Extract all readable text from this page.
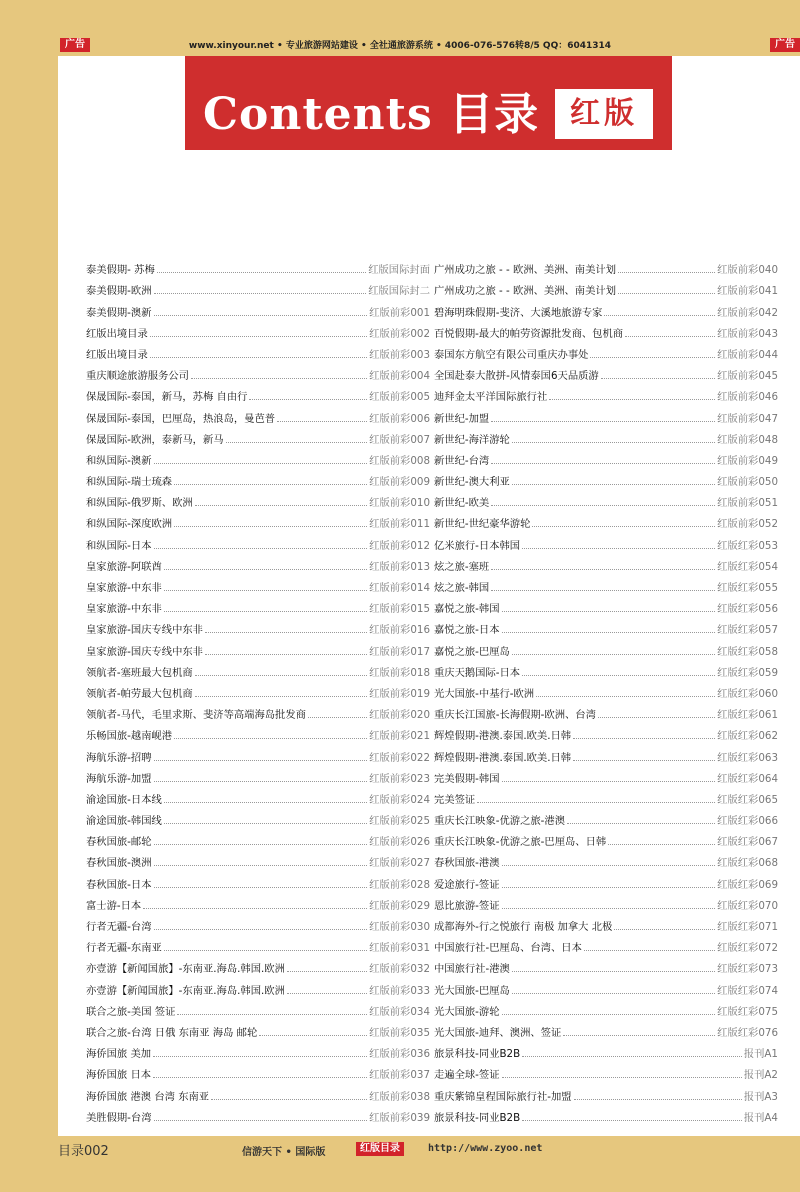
广告	www.xinyour.net • 专业旅游网站建设 • 全社通旅游系统 • 4006-076-576转8/5 QQ：6041314	广告
Contents 目录	红版
泰美假期- 苏梅	红版国际封面
泰美假期-欧洲	红版国际封二
泰美假期-澳新	红版前彩001
红版出境目录	红版前彩002
红版出境目录	红版前彩003
重庆顺途旅游服务公司	红版前彩004
保晟国际-泰国，新马，苏梅 自由行	红版前彩005
保晟国际-泰国，巴厘岛，热浪岛，曼芭普	红版前彩006
保晟国际-欧洲，泰新马，新马	红版前彩007
和纵国际-澳新	红版前彩008
和纵国际-瑞士琉森	红版前彩009
和纵国际-俄罗斯、欧洲	红版前彩010
和纵国际-深度欧洲	红版前彩011
和纵国际-日本	红版前彩012
皇家旅游-阿联酋	红版前彩013
皇家旅游-中东非	红版前彩014
皇家旅游-中东非	红版前彩015
皇家旅游-国庆专线中东非	红版前彩016
皇家旅游-国庆专线中东非	红版前彩017
领航者-塞班最大包机商	红版前彩018
领航者-帕劳最大包机商	红版前彩019
领航者-马代，毛里求斯、斐济等高端海岛批发商	红版前彩020
乐畅国旅-越南岘港	红版前彩021
海航乐游-招聘	红版前彩022
海航乐游-加盟	红版前彩023
渝途国旅-日本线	红版前彩024
渝途国旅-韩国线	红版前彩025
春秋国旅-邮轮	红版前彩026
春秋国旅-澳洲	红版前彩027
春秋国旅-日本	红版前彩028
富士游-日本	红版前彩029
行者无疆-台湾	红版前彩030
行者无疆-东南亚	红版前彩031
亦壹游【新闻国旅】-东南亚.海岛.韩国.欧洲	红版前彩032
亦壹游【新闻国旅】-东南亚.海岛.韩国.欧洲	红版前彩033
联合之旅-美国 签证	红版前彩034
联合之旅-台湾 日俄 东南亚 海岛 邮轮	红版前彩035
海侨国旅 美加	红版前彩036
海侨国旅 日本	红版前彩037
海侨国旅 港澳 台湾 东南亚	红版前彩038
美胜假期-台湾	红版前彩039
广州成功之旅 - - 欧洲、美洲、南美计划	红版前彩040
广州成功之旅 - - 欧洲、美洲、南美计划	红版前彩041
碧海明珠假期-斐济、大溪地旅游专家	红版前彩042
百悦假期-最大的帕劳资源批发商、包机商	红版前彩043
泰国东方航空有限公司重庆办事处	红版前彩044
全国赴泰大散拼-风情泰国6天品质游	红版前彩045
迪拜金太平洋国际旅行社	红版前彩046
新世纪-加盟	红版前彩047
新世纪-海洋游轮	红版前彩048
新世纪-台湾	红版前彩049
新世纪-澳大利亚	红版前彩050
新世纪-欧美	红版前彩051
新世纪-世纪豪华游轮	红版前彩052
亿米旅行-日本韩国	红版红彩053
炫之旅-塞班	红版红彩054
炫之旅-韩国	红版红彩055
嘉悦之旅-韩国	红版红彩056
嘉悦之旅-日本	红版红彩057
嘉悦之旅-巴厘岛	红版红彩058
重庆天鹅国际-日本	红版红彩059
光大国旅-中基行-欧洲	红版红彩060
重庆长江国旅-长海假期-欧洲、台湾	红版红彩061
辉煌假期-港澳.泰国.欧美.日韩	红版红彩062
辉煌假期-港澳.泰国.欧美.日韩	红版红彩063
完美假期-韩国	红版红彩064
完美签证	红版红彩065
重庆长江映象-优游之旅-港澳	红版红彩066
重庆长江映象-优游之旅-巴厘岛、日韩	红版红彩067
春秋国旅-港澳	红版红彩068
爱途旅行-签证	红版红彩069
恩比旅游-签证	红版红彩070
成都海外-行之悦旅行 南极 加拿大 北极	红版红彩071
中国旅行社-巴厘岛、台湾、日本	红版红彩072
中国旅行社-港澳	红版红彩073
光大国旅-巴厘岛	红版红彩074
光大国旅-游轮	红版红彩075
光大国旅-迪拜、澳洲、签证	红版红彩076
旅景科技-同业B2B	报刊A1
走遍全球-签证	报刊A2
重庆紫锦皇程国际旅行社-加盟	报刊A3
旅景科技-同业B2B	报刊A4
目录002	信游天下 • 国际版	红版目录	http://www.zyoo.net
